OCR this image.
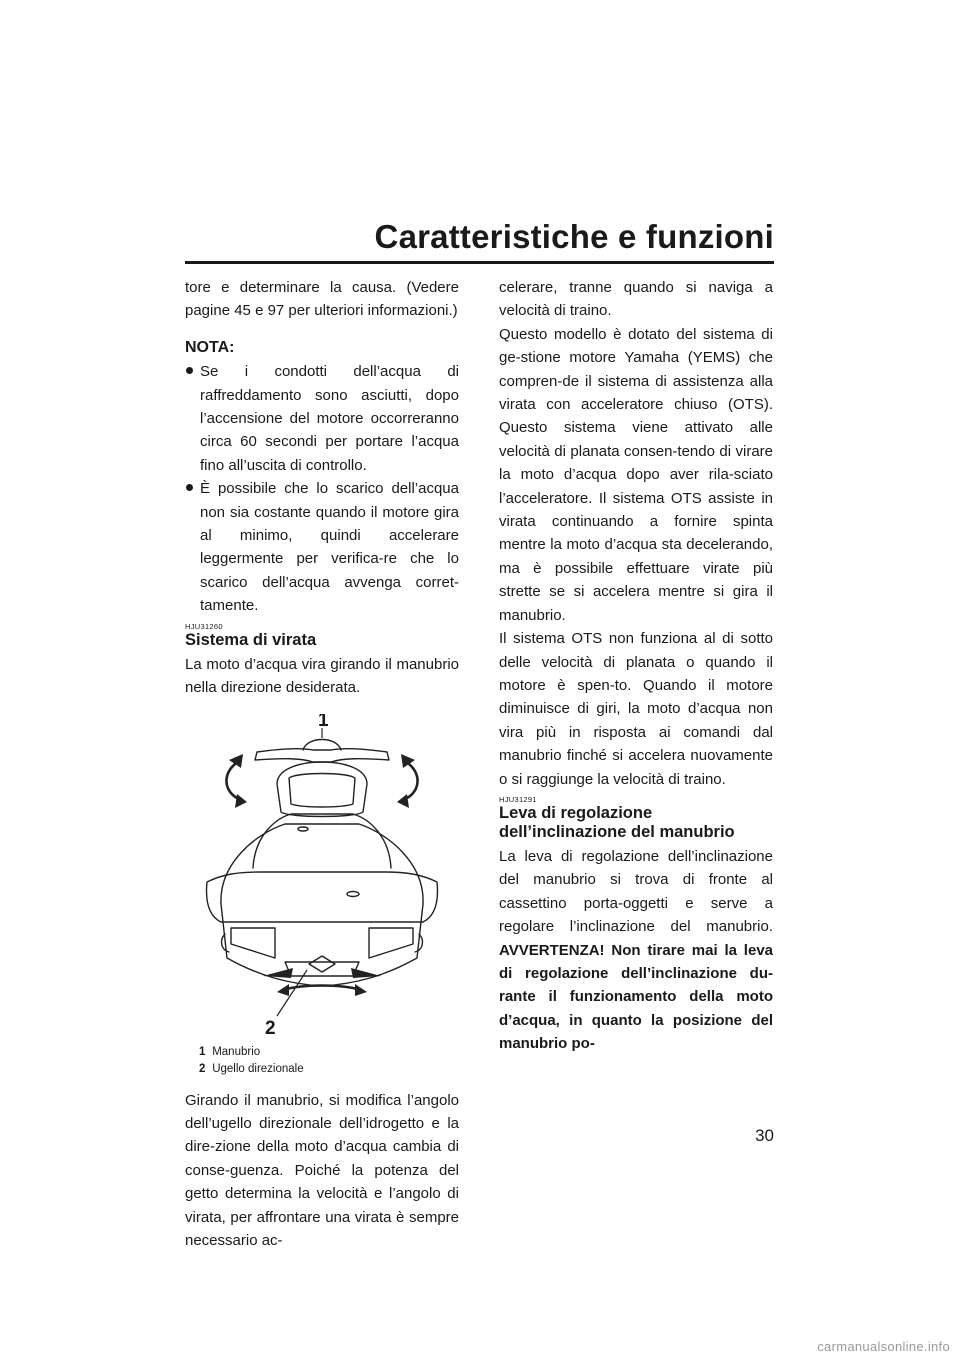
Caratteristiche e funzioni

tore e determinare la causa. (Vedere pagine 45 e 97 per ulteriori informazioni.)

NOTA:
Se i condotti dell’acqua di raffreddamento sono asciutti, dopo l’accensione del motore occorreranno circa 60 secondi per portare l’acqua fino all’uscita di controllo.
È possibile che lo scarico dell’acqua non sia costante quando il motore gira al minimo, quindi accelerare leggermente per verifica-re che lo scarico dell’acqua avvenga corret-tamente.
HJU31260
Sistema di virata

La moto d’acqua vira girando il manubrio nella direzione desiderata.

1
2
1 Manubrio
2 Ugello direzionale

Girando il manubrio, si modifica l’angolo dell’ugello direzionale dell’idrogetto e la dire-zione della moto d’acqua cambia di conse-guenza. Poiché la potenza del getto determina la velocità e l’angolo di virata, per affrontare una virata è sempre necessario ac-

celerare, tranne quando si naviga a velocità di traino.

Questo modello è dotato del sistema di ge-stione motore Yamaha (YEMS) che compren-de il sistema di assistenza alla virata con acceleratore chiuso (OTS). Questo sistema viene attivato alle velocità di planata consen-tendo di virare la moto d’acqua dopo aver rila-sciato l’acceleratore. Il sistema OTS assiste in virata continuando a fornire spinta mentre la moto d’acqua sta decelerando, ma è possibile effettuare virate più strette se si accelera mentre si gira il manubrio.

Il sistema OTS non funziona al di sotto delle velocità di planata o quando il motore è spen-to. Quando il motore diminuisce di giri, la moto d’acqua non vira più in risposta ai comandi dal manubrio finché si accelera nuovamente o si raggiunge la velocità di traino.

HJU31291
Leva di regolazione dell’inclinazione del manubrio

La leva di regolazione dell’inclinazione del manubrio si trova di fronte al cassettino porta-oggetti e serve a regolare l’inclinazione del manubrio. AVVERTENZA! Non tirare mai la leva di regolazione dell’inclinazione du-rante il funzionamento della moto d’acqua, in quanto la posizione del manubrio po-

30
carmanualsonline.info
